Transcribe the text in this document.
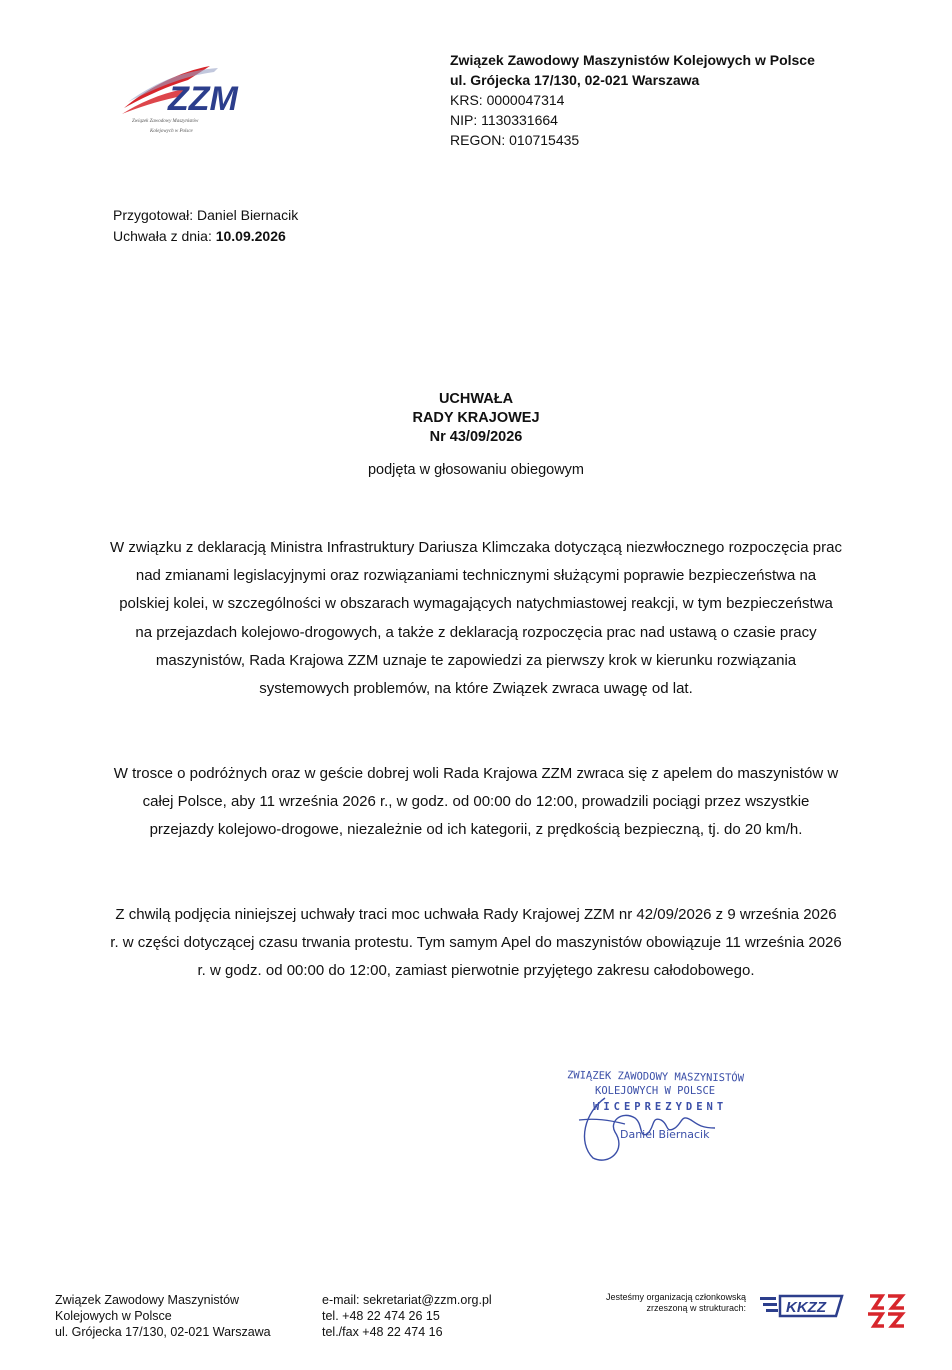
ZZM
Związek Zawodowy Maszynistów
Kolejowych w Polsce
Związek Zawodowy Maszynistów Kolejowych w Polsce
ul. Grójecka 17/130, 02-021 Warszawa
KRS: 0000047314
NIP: 1130331664
REGON: 010715435
Przygotował: Daniel Biernacik
Uchwała z dnia: 10.09.2026
UCHWAŁA
RADY KRAJOWEJ
Nr 43/09/2026
podjęta w głosowaniu obiegowym
W związku z deklaracją Ministra Infrastruktury Dariusza Klimczaka dotyczącą niezwłocznego rozpoczęcia prac nad zmianami legislacyjnymi oraz rozwiązaniami technicznymi służącymi poprawie bezpieczeństwa na polskiej kolei, w szczególności w obszarach wymagających natychmiastowej reakcji, w tym bezpieczeństwa na przejazdach kolejowo-drogowych, a także z deklaracją rozpoczęcia prac nad ustawą o czasie pracy maszynistów, Rada Krajowa ZZM uznaje te zapowiedzi za pierwszy krok w kierunku rozwiązania systemowych problemów, na które Związek zwraca uwagę od lat.
W trosce o podróżnych oraz w geście dobrej woli Rada Krajowa ZZM zwraca się z apelem do maszynistów w całej Polsce, aby 11 września 2026 r., w godz. od 00:00 do 12:00, prowadzili pociągi przez wszystkie przejazdy kolejowo-drogowe, niezależnie od ich kategorii, z prędkością bezpieczną, tj. do 20 km/h.
Z chwilą podjęcia niniejszej uchwały traci moc uchwała Rady Krajowej ZZM nr 42/09/2026 z 9 września 2026 r. w części dotyczącej czasu trwania protestu. Tym samym Apel do maszynistów obowiązuje 11 września 2026 r. w godz. od 00:00 do 12:00, zamiast pierwotnie przyjętego zakresu całodobowego.
ZWIĄZEK ZAWODOWY MASZYNISTÓW
KOLEJOWYCH W POLSCE
WICEPREZYDENT
Daniel Biernacik
Związek Zawodowy Maszynistów
Kolejowych w Polsce
ul. Grójecka 17/130, 02-021 Warszawa
e-mail: sekretariat@zzm.org.pl
tel. +48 22 474 26 15
tel./fax +48 22 474 16
Jesteśmy organizacją członkowską
zrzeszoną w strukturach:	KKZZ
